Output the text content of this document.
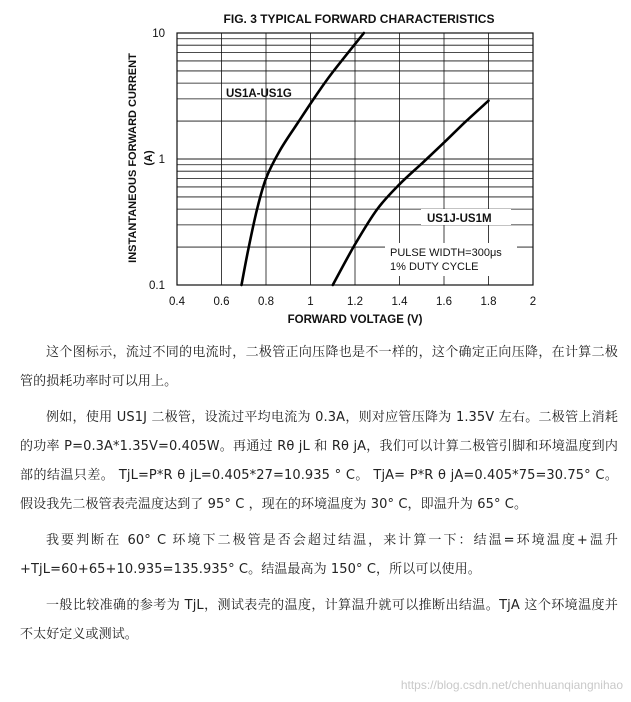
FIG. 3 TYPICAL FORWARD CHARACTERISTICS
0.4 0.6 0.8	1	1.2 1.4 1.6 1.8	2
0.1
1
10
US1A-US1G
US1J-US1M
PULSE WIDTH=300μs
1% DUTY CYCLE
FORWARD VOLTAGE (V)
INSTANTANEOUS FORWARD CURRENT (A)

这个图标示，流过不同的电流时，二极管正向压降也是不一样的，这个确定正向压降，在计算二极管的损耗功率时可以用上。

例如，使用 US1J 二极管，设流过平均电流为 0.3A，则对应管压降为 1.35V 左右。二极管上消耗的功率 P=0.3A*1.35V=0.405W。再通过 Rθ jL 和 Rθ jA，我们可以计算二极管引脚和环境温度到内部的结温只差。 TjL=P*R θ jL=0.405*27=10.935 ° C。 TjA= P*R θ jA=0.405*75=30.75° C。假设我先二极管表壳温度达到了 95° C ，现在的环境温度为 30° C，即温升为 65° C。

我要判断在 60° C 环境下二极管是否会超过结温，来计算一下：结温=环境温度+温升+TjL=60+65+10.935=135.935° C。结温最高为 150° C，所以可以使用。

一般比较准确的参考为 TjL，测试表壳的温度，计算温升就可以推断出结温。TjA 这个环境温度并不太好定义或测试。

https://blog.csdn.net/chenhuanqiangnihao
